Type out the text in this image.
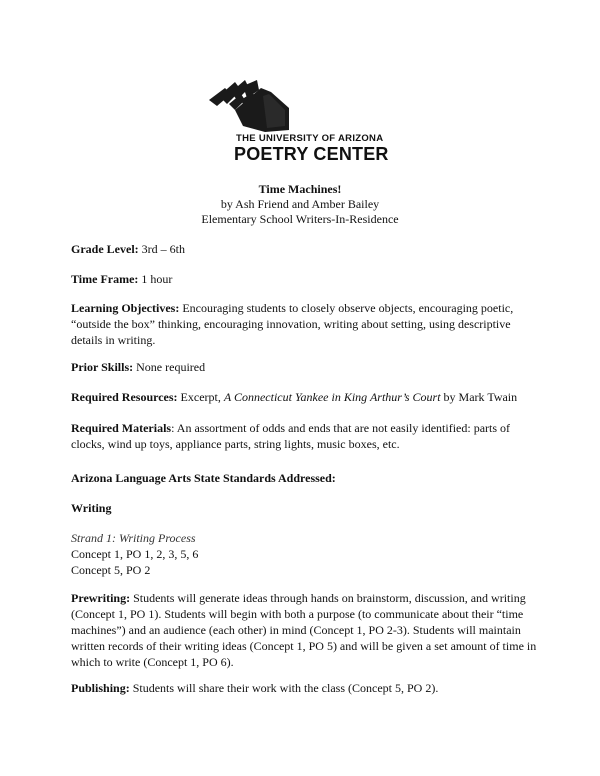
THE UNIVERSITY OF ARIZONA
POETRY CENTER
Time Machines!
by Ash Friend and Amber Bailey
Elementary School Writers-In-Residence
Grade Level: 3rd – 6th
Time Frame: 1 hour
Learning Objectives: Encouraging students to closely observe objects, encouraging poetic,
“outside the box” thinking, encouraging innovation, writing about setting, using descriptive
details in writing.
Prior Skills: None required
Required Resources: Excerpt, A Connecticut Yankee in King Arthur’s Court by Mark Twain
Required Materials: An assortment of odds and ends that are not easily identified: parts of
clocks, wind up toys, appliance parts, string lights, music boxes, etc.
Arizona Language Arts State Standards Addressed:
Writing
Strand 1: Writing Process
Concept 1, PO 1, 2, 3, 5, 6
Concept 5, PO 2
Prewriting: Students will generate ideas through hands on brainstorm, discussion, and writing
(Concept 1, PO 1). Students will begin with both a purpose (to communicate about their “time
machines”) and an audience (each other) in mind (Concept 1, PO 2-3). Students will maintain
written records of their writing ideas (Concept 1, PO 5) and will be given a set amount of time in
which to write (Concept 1, PO 6).
Publishing: Students will share their work with the class (Concept 5, PO 2).
